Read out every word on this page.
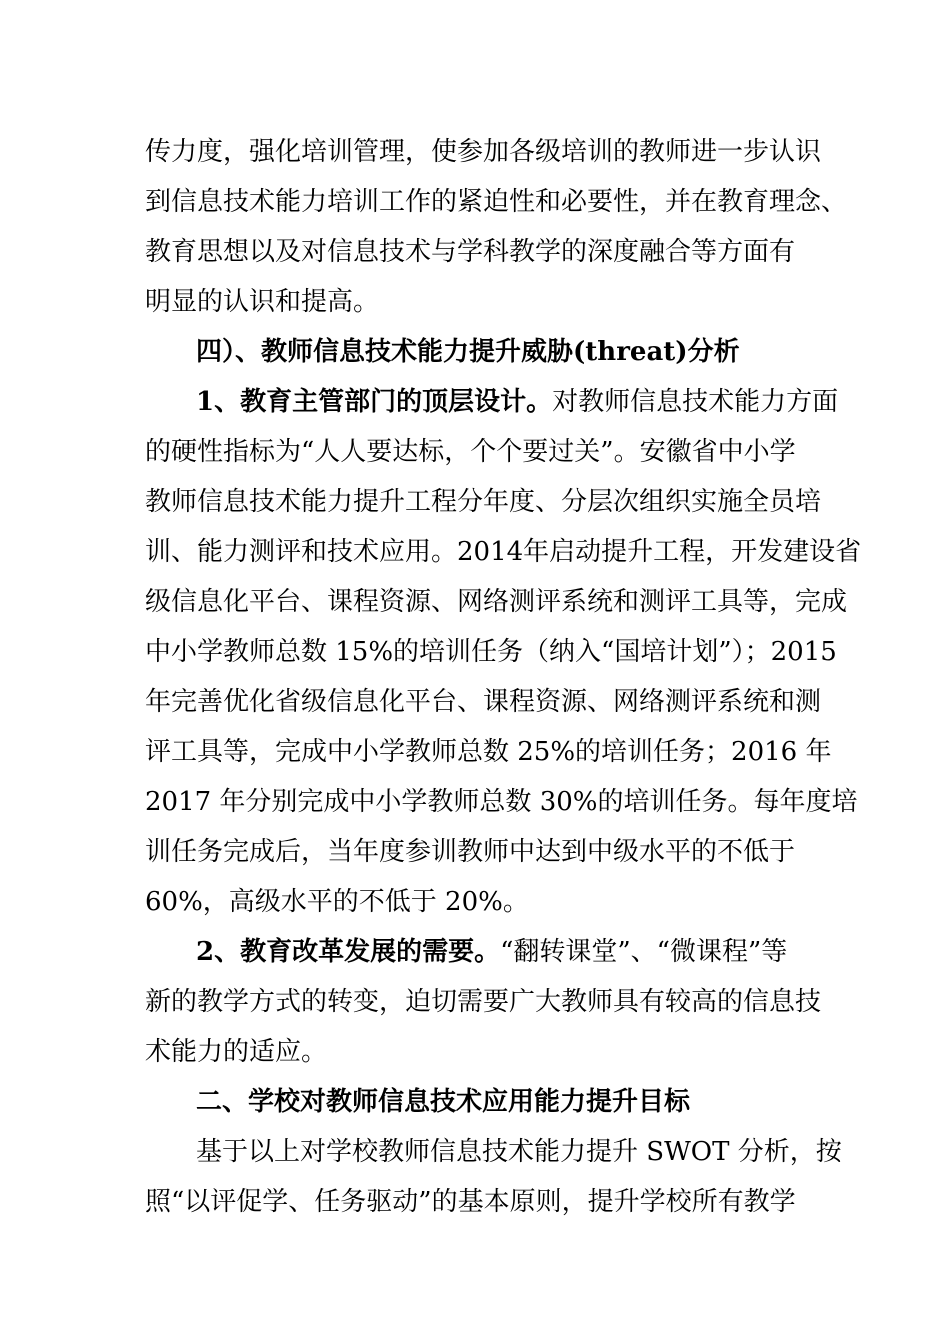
传力度，强化培训管理，使参加各级培训的教师进一步认识
到信息技术能力培训工作的紧迫性和必要性，并在教育理念、
教育思想以及对信息技术与学科教学的深度融合等方面有
明显的认识和提高。
四）、教师信息技术能力提升威胁(threat)分析
1、教育主管部门的顶层设计。对教师信息技术能力方面
的硬性指标为“人人要达标，个个要过关”。安徽省中小学
教师信息技术能力提升工程分年度、分层次组织实施全员培
训、能力测评和技术应用。2014年启动提升工程，开发建设省
级信息化平台、课程资源、网络测评系统和测评工具等，完成
中小学教师总数 15%的培训任务（纳入“国培计划”）；2015
年完善优化省级信息化平台、课程资源、网络测评系统和测
评工具等，完成中小学教师总数 25%的培训任务；2016 年
2017 年分别完成中小学教师总数 30%的培训任务。每年度培
训任务完成后，当年度参训教师中达到中级水平的不低于
60%，高级水平的不低于 20%。
2、教育改革发展的需要。“翻转课堂”、“微课程”等
新的教学方式的转变，迫切需要广大教师具有较高的信息技
术能力的适应。
二、学校对教师信息技术应用能力提升目标
基于以上对学校教师信息技术能力提升 SWOT 分析，按
照“以评促学、任务驱动”的基本原则，提升学校所有教学
